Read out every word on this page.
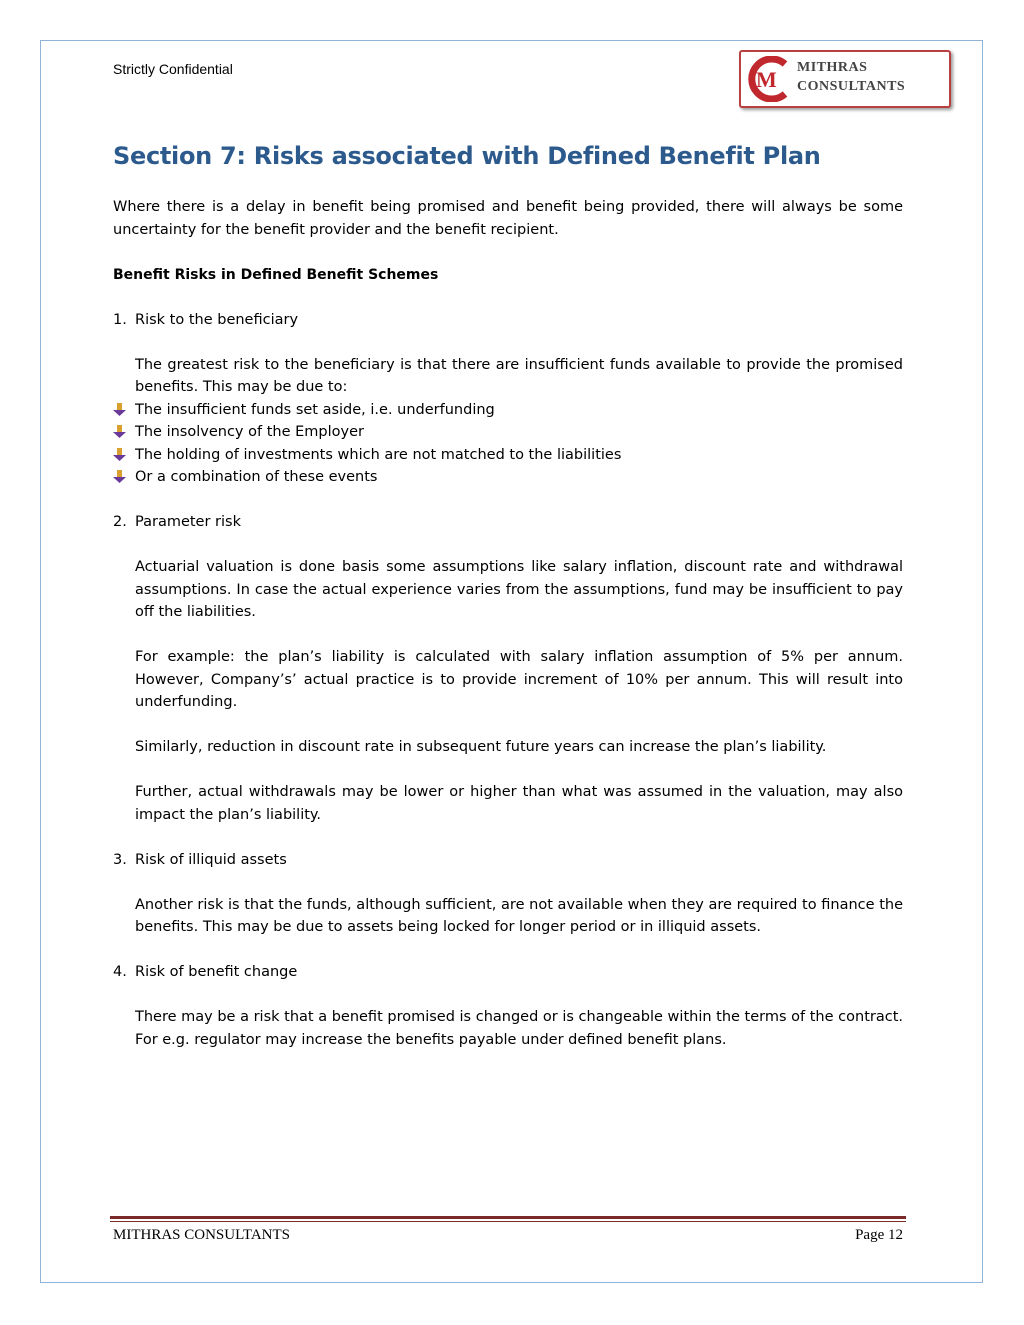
Strictly Confidential	M MITHRAS
CONSULTANTS
Section 7: Risks associated with Defined Benefit Plan

Where there is a delay in benefit being promised and benefit being provided, there will always be some uncertainty for the benefit provider and the benefit recipient.

Benefit Risks in Defined Benefit Schemes

1. Risk to the beneficiary

The greatest risk to the beneficiary is that there are insufficient funds available to provide the promised benefits. This may be due to:

The insufficient funds set aside, i.e. underfunding
The insolvency of the Employer
The holding of investments which are not matched to the liabilities
Or a combination of these events
2. Parameter risk

Actuarial valuation is done basis some assumptions like salary inflation, discount rate and withdrawal assumptions. In case the actual experience varies from the assumptions, fund may be insufficient to pay off the liabilities.

For example: the plan’s liability is calculated with salary inflation assumption of 5% per annum. However, Company’s’ actual practice is to provide increment of 10% per annum. This will result into underfunding.

Similarly, reduction in discount rate in subsequent future years can increase the plan’s liability.

Further, actual withdrawals may be lower or higher than what was assumed in the valuation, may also impact the plan’s liability.

3. Risk of illiquid assets

Another risk is that the funds, although sufficient, are not available when they are required to finance the benefits. This may be due to assets being locked for longer period or in illiquid assets.

4. Risk of benefit change

There may be a risk that a benefit promised is changed or is changeable within the terms of the contract. For e.g. regulator may increase the benefits payable under defined benefit plans.

MITHRAS CONSULTANTS	Page 12
